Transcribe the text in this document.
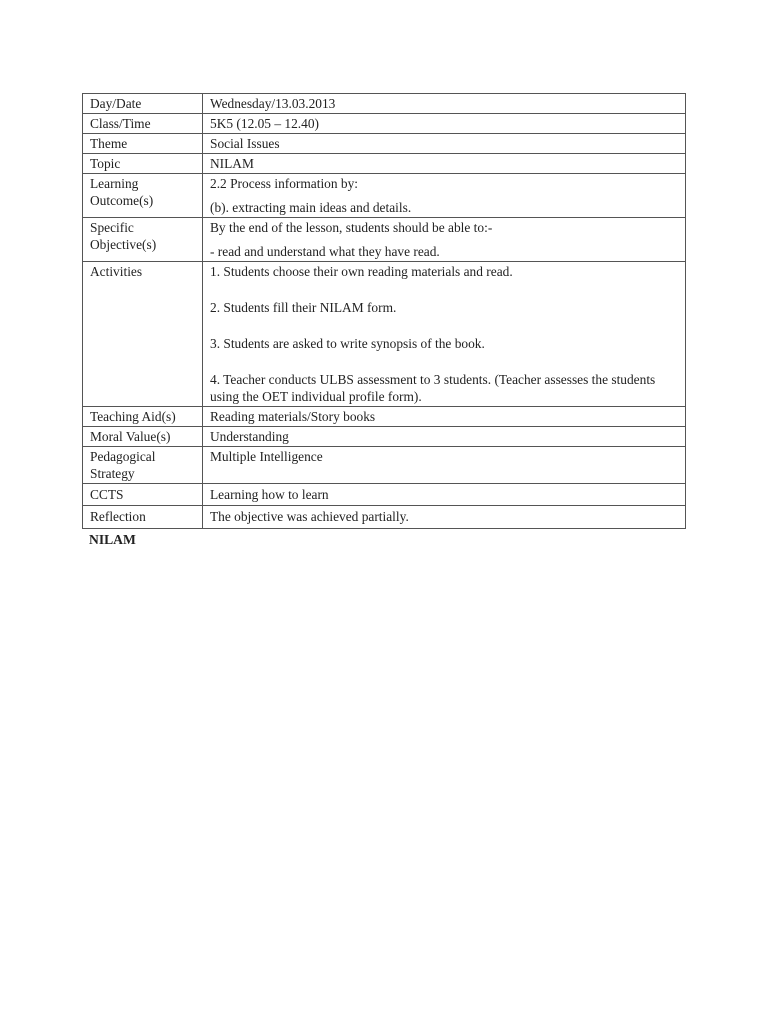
Day/Date	Wednesday/13.03.2013

Class/Time	5K5 (12.05 – 12.40)

Theme	Social Issues

Topic	NILAM

Learning Outcome(s)	2.2 Process information by:
(b). extracting main ideas and details.

Specific Objective(s)	By the end of the lesson, students should be able to:-
- read and understand what they have read.

Activities	1. Students choose their own reading materials and read.
2. Students fill their NILAM form.
3. Students are asked to write synopsis of the book.
4. Teacher conducts ULBS assessment to 3 students. (Teacher assesses the students using the OET individual profile form).

Teaching Aid(s)	Reading materials/Story books

Moral Value(s)	Understanding

Pedagogical Strategy	Multiple Intelligence

CCTS	Learning how to learn

Reflection	The objective was achieved partially.
NILAM
